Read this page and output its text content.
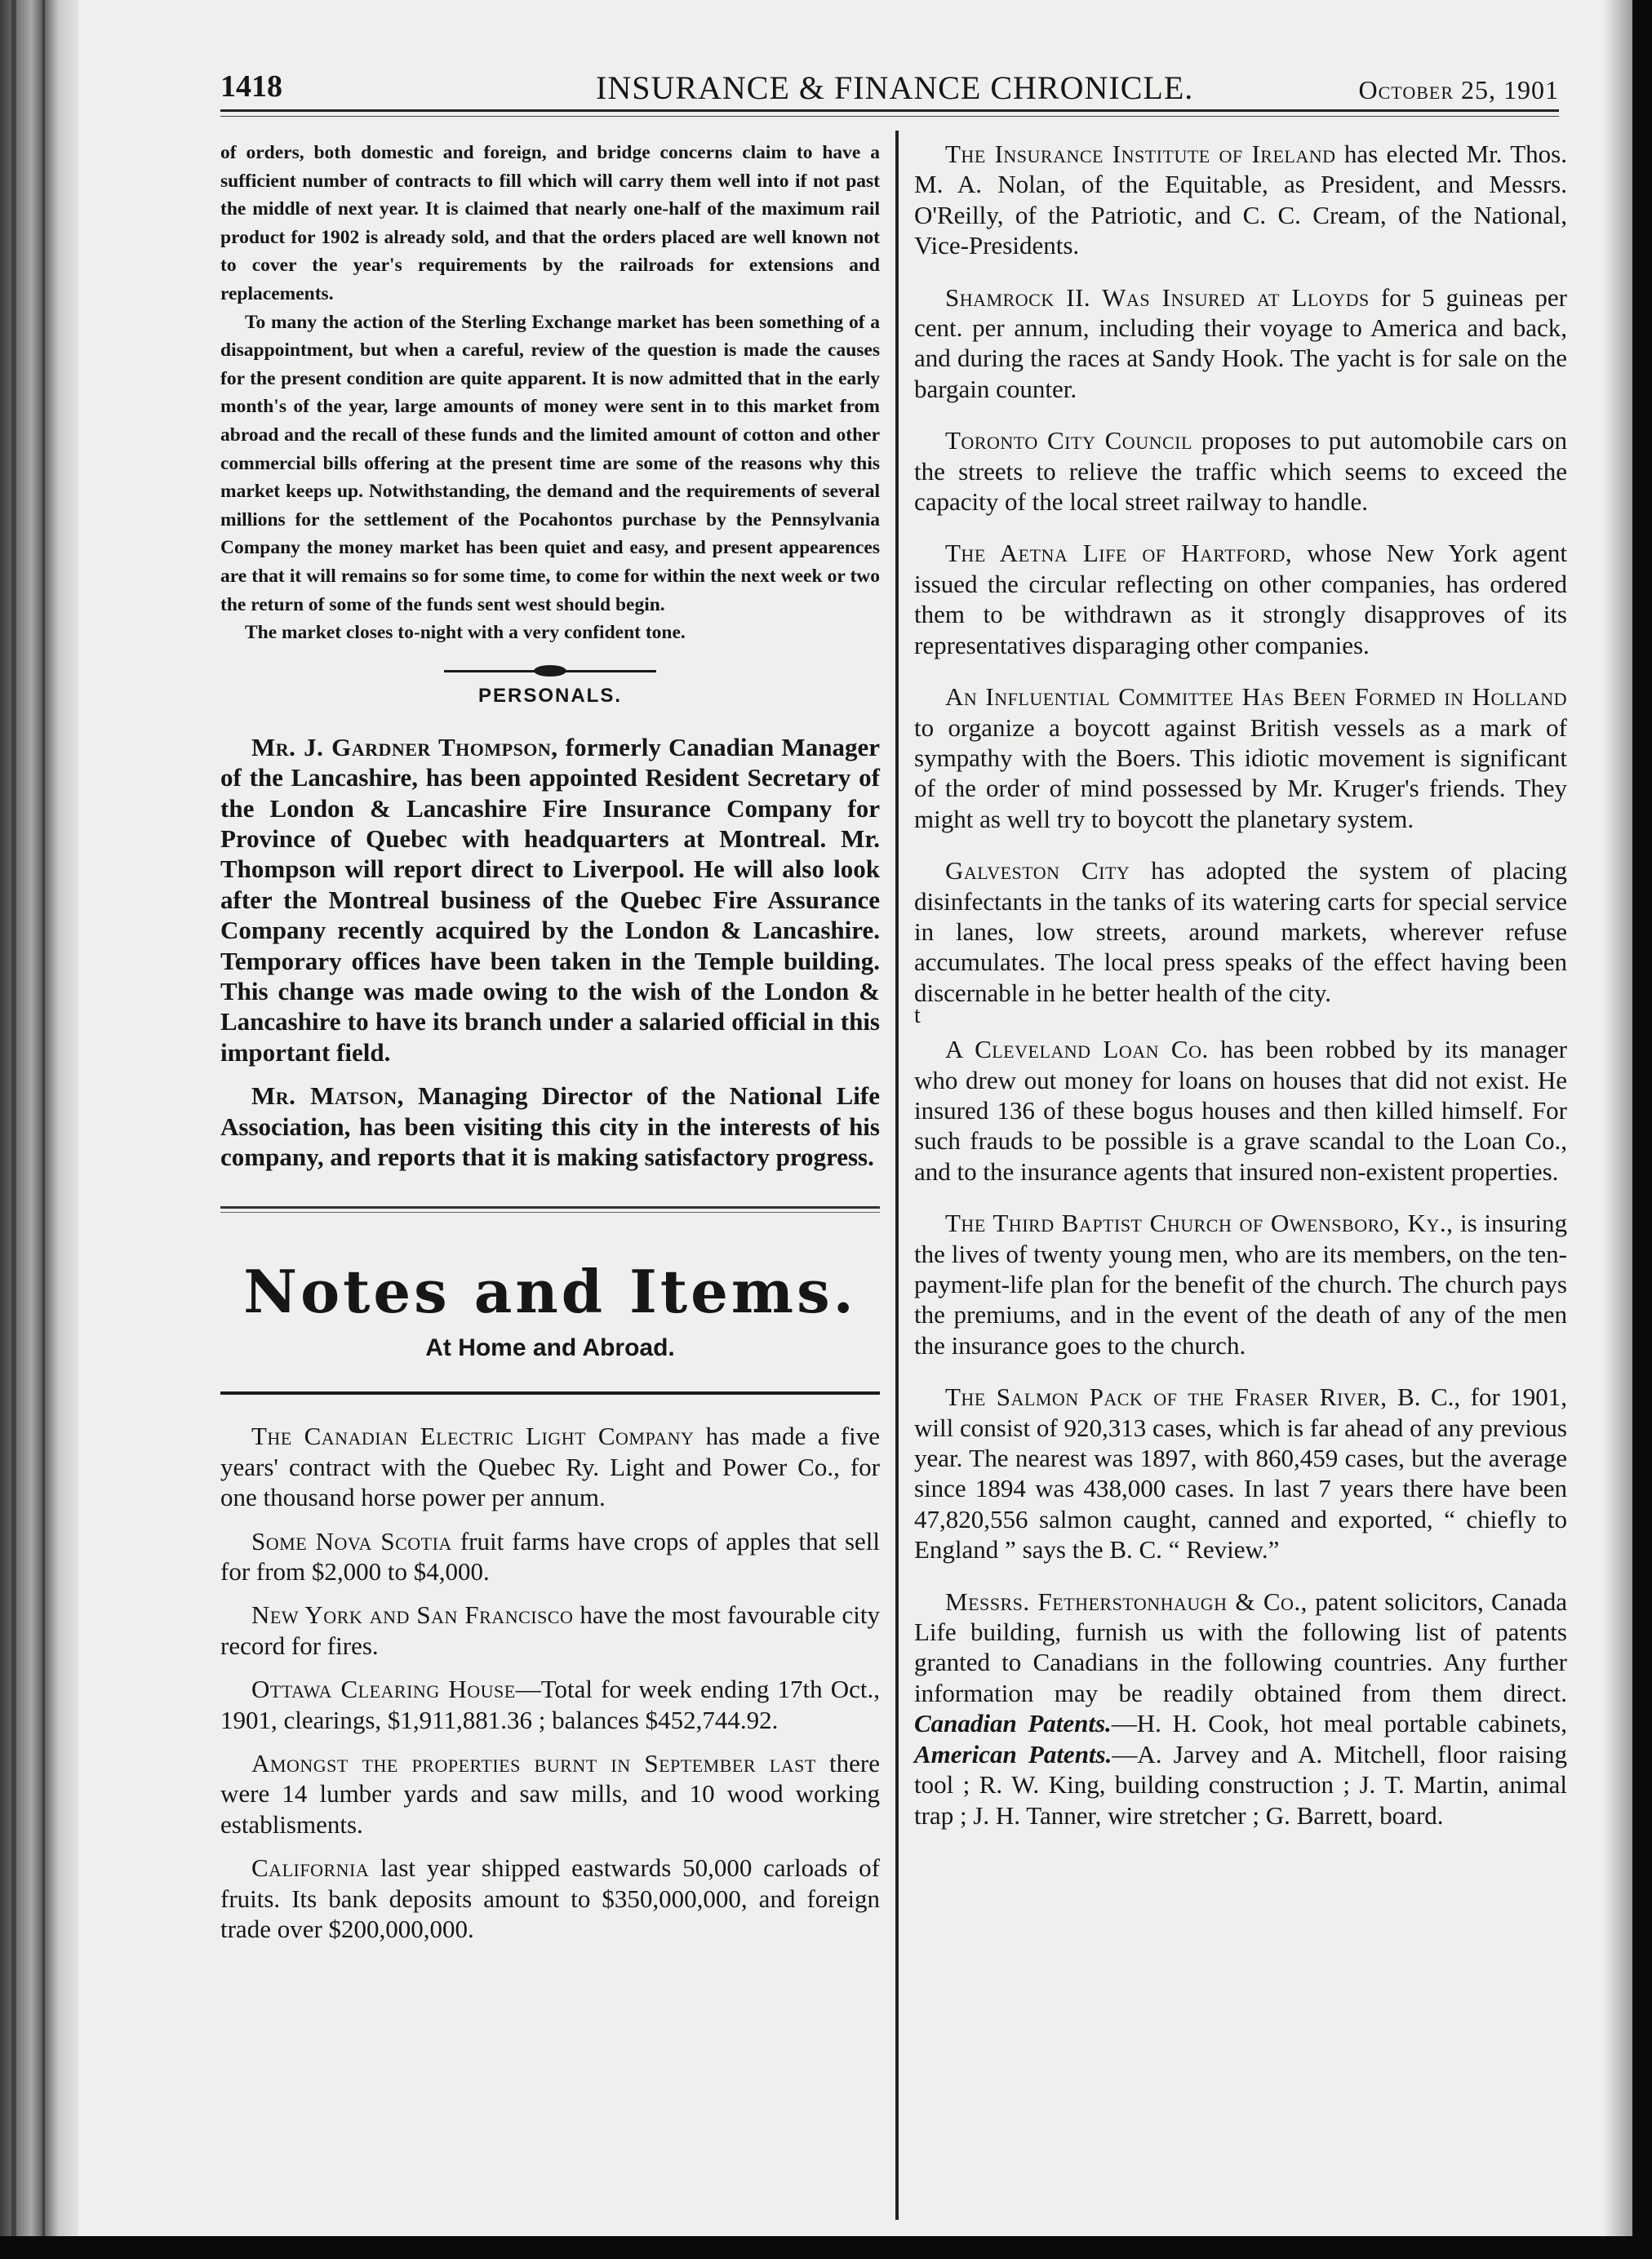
1418	INSURANCE & FINANCE CHRONICLE.	October 25, 1901

of orders, both domestic and foreign, and bridge concerns claim to have a sufficient number of contracts to fill which will carry them well into if not past the middle of next year. It is claimed that nearly one-half of the maximum rail product for 1902 is already sold, and that the orders placed are well known not to cover the year's requirements by the railroads for extensions and replacements.

To many the action of the Sterling Exchange market has been something of a disappointment, but when a careful, review of the question is made the causes for the present condition are quite apparent. It is now admitted that in the early month's of the year, large amounts of money were sent in to this market from abroad and the recall of these funds and the limited amount of cotton and other commercial bills offering at the present time are some of the reasons why this market keeps up. Notwithstanding, the demand and the requirements of several millions for the settlement of the Pocahontos purchase by the Pennsylvania Company the money market has been quiet and easy, and present appearences are that it will remains so for some time, to come for within the next week or two the return of some of the funds sent west should begin.

The market closes to-night with a very confident tone.

PERSONALS.

Mr. J. Gardner Thompson, formerly Canadian Manager of the Lancashire, has been appointed Resident Secretary of the London & Lancashire Fire Insurance Company for Province of Quebec with headquarters at Montreal. Mr. Thompson will report direct to Liverpool. He will also look after the Montreal business of the Quebec Fire Assurance Company recently acquired by the London & Lancashire. Temporary offices have been taken in the Temple building. This change was made owing to the wish of the London & Lancashire to have its branch under a salaried official in this important field.

Mr. Matson, Managing Director of the National Life Association, has been visiting this city in the interests of his company, and reports that it is making satisfactory progress.

Notes and Items.
At Home and Abroad.

The Canadian Electric Light Company has made a five years' contract with the Quebec Ry. Light and Power Co., for one thousand horse power per annum.

Some Nova Scotia fruit farms have crops of apples that sell for from $2,000 to $4,000.

New York and San Francisco have the most favourable city record for fires.

Ottawa Clearing House—Total for week ending 17th Oct., 1901, clearings, $1,911,881.36 ; balances $452,744.92.

Amongst the properties burnt in September last there were 14 lumber yards and saw mills, and 10 wood working establisments.

California last year shipped eastwards 50,000 carloads of fruits. Its bank deposits amount to $350,000,000, and foreign trade over $200,000,000.

The Insurance Institute of Ireland has elected Mr. Thos. M. A. Nolan, of the Equitable, as President, and Messrs. O'Reilly, of the Patriotic, and C. C. Cream, of the National, Vice-Presidents.

Shamrock II. Was Insured at Lloyds for 5 guineas per cent. per annum, including their voyage to America and back, and during the races at Sandy Hook. The yacht is for sale on the bargain counter.

Toronto City Council proposes to put automobile cars on the streets to relieve the traffic which seems to exceed the capacity of the local street railway to handle.

The Aetna Life of Hartford, whose New York agent issued the circular reflecting on other companies, has ordered them to be withdrawn as it strongly disapproves of its representatives disparaging other companies.

An Influential Committee Has Been Formed in Holland to organize a boycott against British vessels as a mark of sympathy with the Boers. This idiotic movement is significant of the order of mind possessed by Mr. Kruger's friends. They might as well try to boycott the planetary system.

Galveston City has adopted the system of placing disinfectants in the tanks of its watering carts for special service in lanes, low streets, around markets, wherever refuse accumulates. The local press speaks of the effect having been discernable in he better health of the city.

t

A Cleveland Loan Co. has been robbed by its manager who drew out money for loans on houses that did not exist. He insured 136 of these bogus houses and then killed himself. For such frauds to be possible is a grave scandal to the Loan Co., and to the insurance agents that insured non-existent properties.

The Third Baptist Church of Owensboro, Ky., is insuring the lives of twenty young men, who are its members, on the ten-payment-life plan for the benefit of the church. The church pays the premiums, and in the event of the death of any of the men the insurance goes to the church.

The Salmon Pack of the Fraser River, B. C., for 1901, will consist of 920,313 cases, which is far ahead of any previous year. The nearest was 1897, with 860,459 cases, but the average since 1894 was 438,000 cases. In last 7 years there have been 47,820,556 salmon caught, canned and exported, “ chiefly to England ” says the B. C. “ Review.”

Messrs. Fetherstonhaugh & Co., patent solicitors, Canada Life building, furnish us with the following list of patents granted to Canadians in the following countries. Any further information may be readily obtained from them direct. Canadian Patents.—H. H. Cook, hot meal portable cabinets, American Patents.—A. Jarvey and A. Mitchell, floor raising tool ; R. W. King, building construction ; J. T. Martin, animal trap ; J. H. Tanner, wire stretcher ; G. Barrett, board.
